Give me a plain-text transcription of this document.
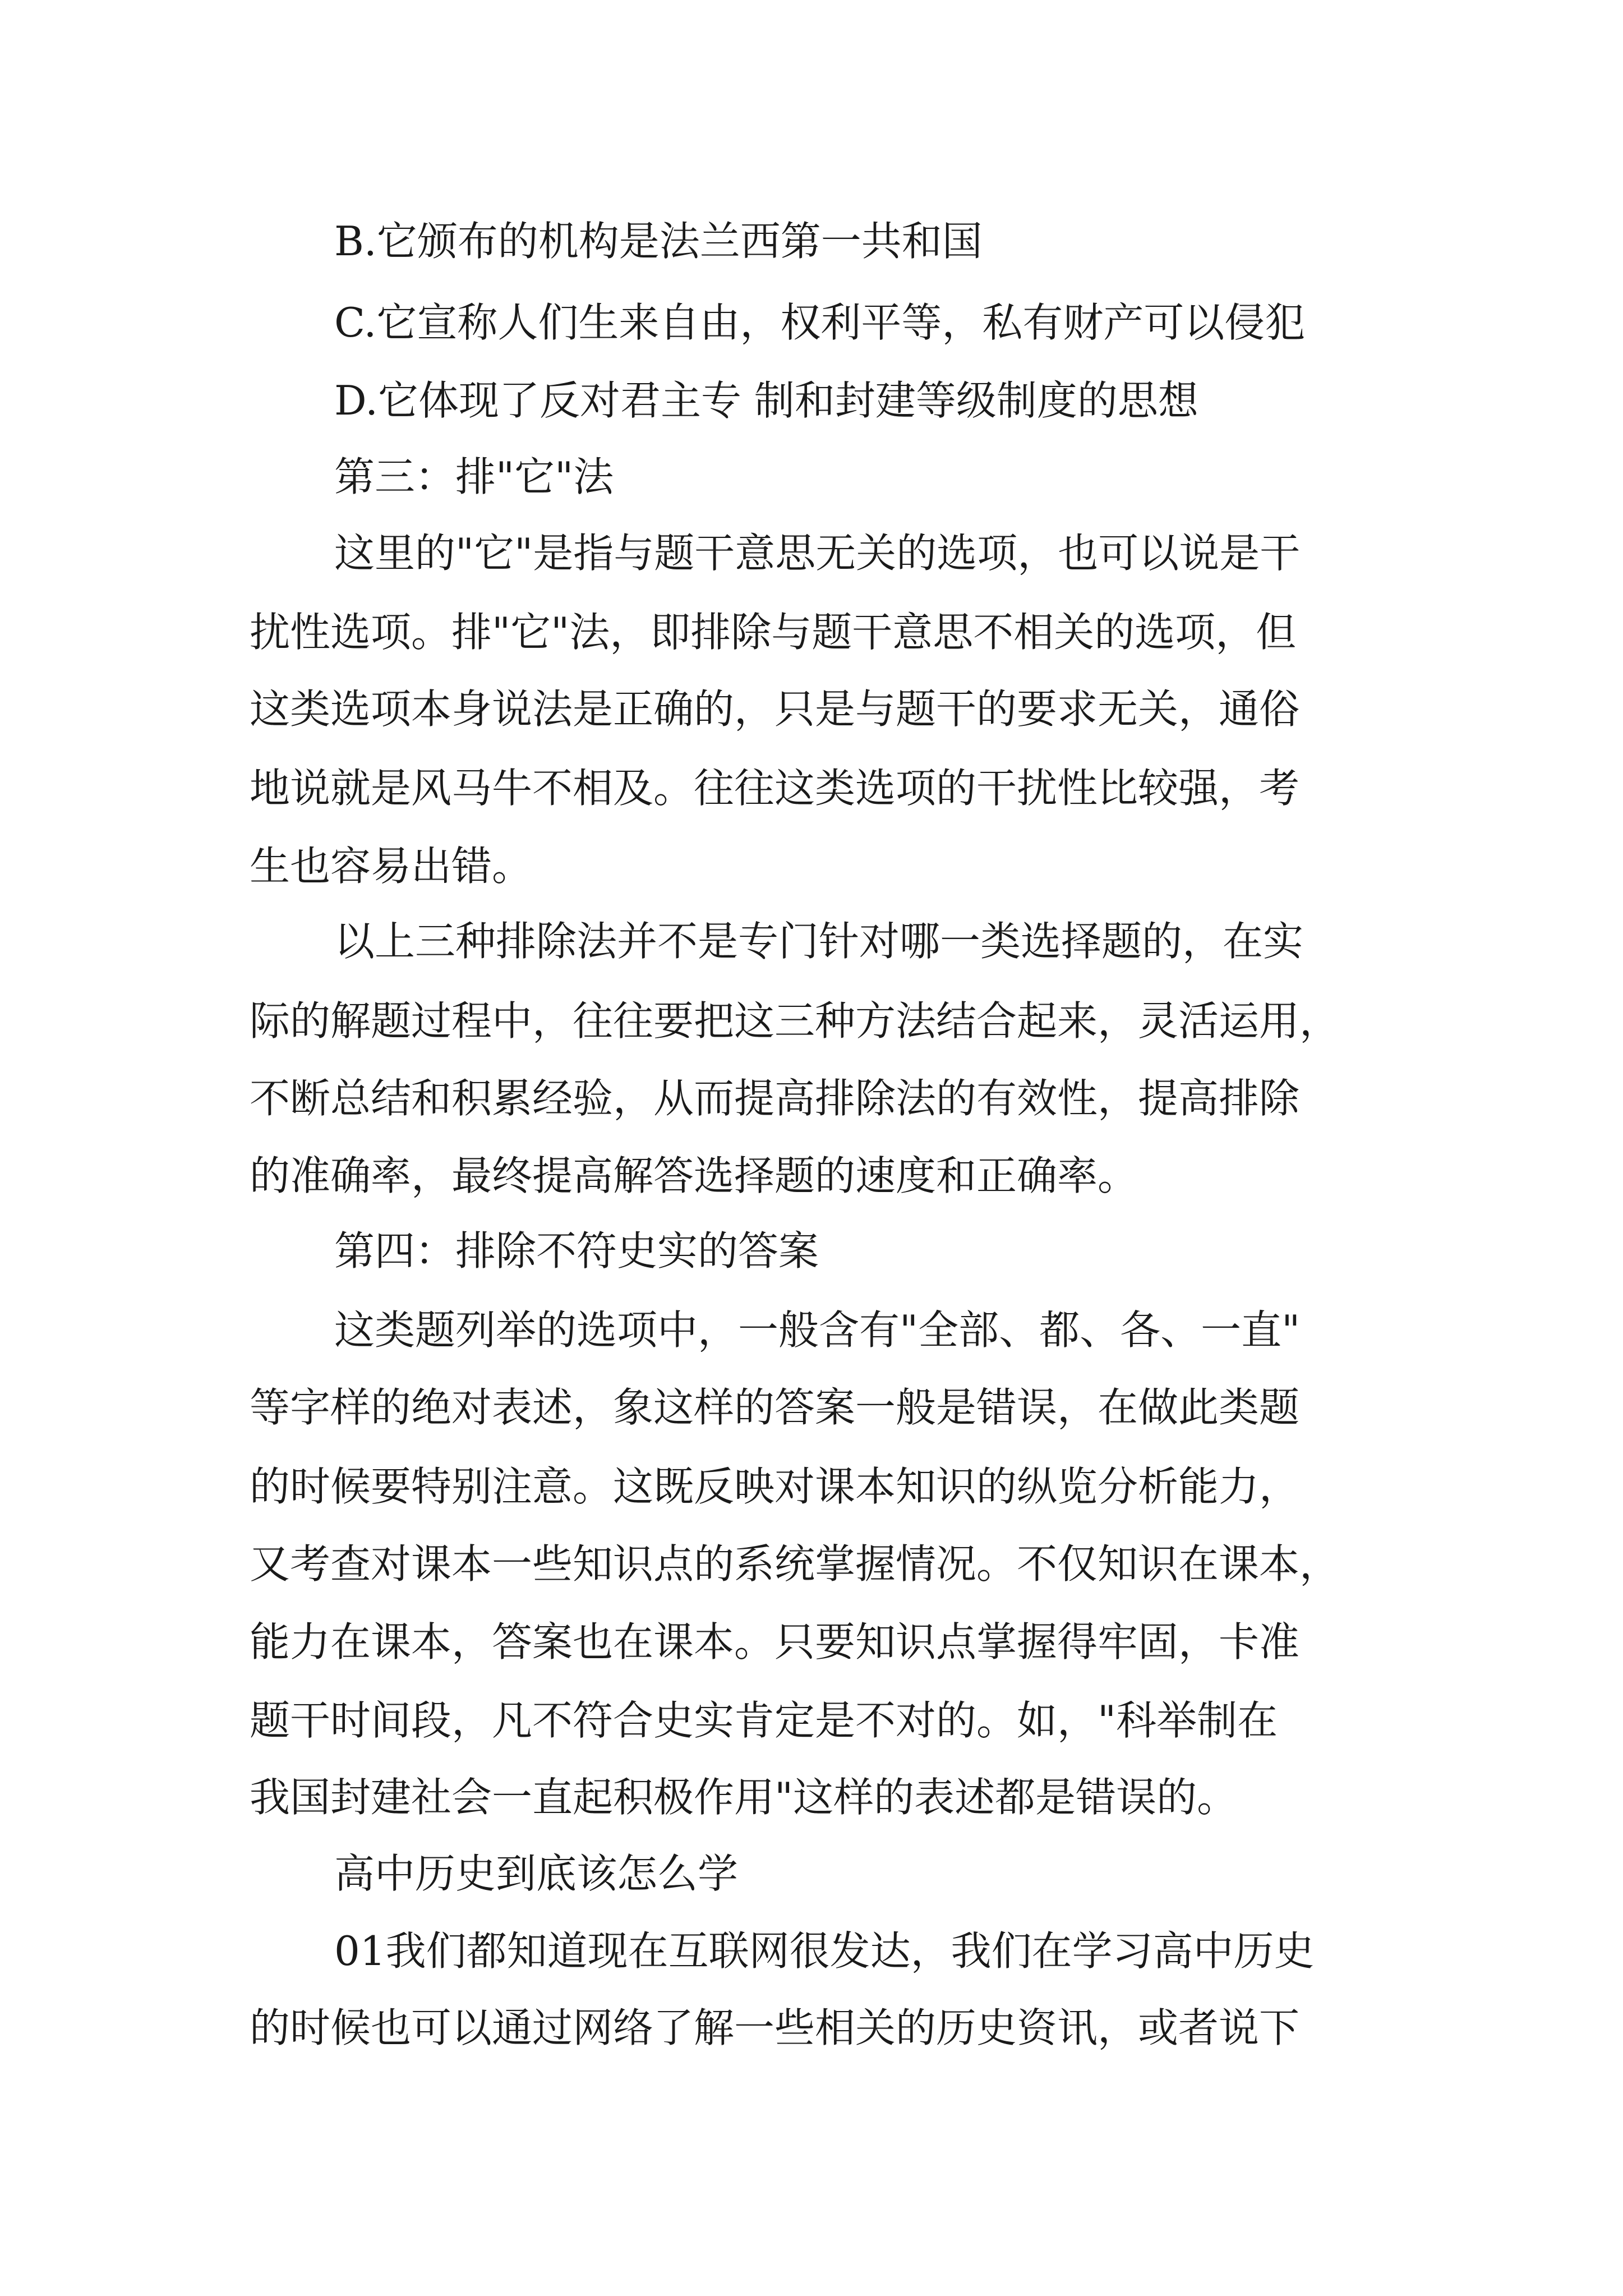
B.它颁布的机构是法兰西第一共和国

C.它宣称人们生来自由，权利平等，私有财产可以侵犯

D.它体现了反对君主专 制和封建等级制度的思想

第三：排"它"法

这里的"它"是指与题干意思无关的选项，也可以说是干

扰性选项。排"它"法，即排除与题干意思不相关的选项，但

这类选项本身说法是正确的，只是与题干的要求无关，通俗

地说就是风马牛不相及。往往这类选项的干扰性比较强，考

生也容易出错。

以上三种排除法并不是专门针对哪一类选择题的，在实

际的解题过程中，往往要把这三种方法结合起来，灵活运用，

不断总结和积累经验，从而提高排除法的有效性，提高排除

的准确率，最终提高解答选择题的速度和正确率。

第四：排除不符史实的答案

这类题列举的选项中，一般含有"全部、都、各、一直"

等字样的绝对表述，象这样的答案一般是错误，在做此类题

的时候要特别注意。这既反映对课本知识的纵览分析能力，

又考查对课本一些知识点的系统掌握情况。不仅知识在课本，

能力在课本，答案也在课本。只要知识点掌握得牢固，卡准

题干时间段，凡不符合史实肯定是不对的。如，"科举制在

我国封建社会一直起积极作用"这样的表述都是错误的。

高中历史到底该怎么学

01我们都知道现在互联网很发达，我们在学习高中历史

的时候也可以通过网络了解一些相关的历史资讯，或者说下
